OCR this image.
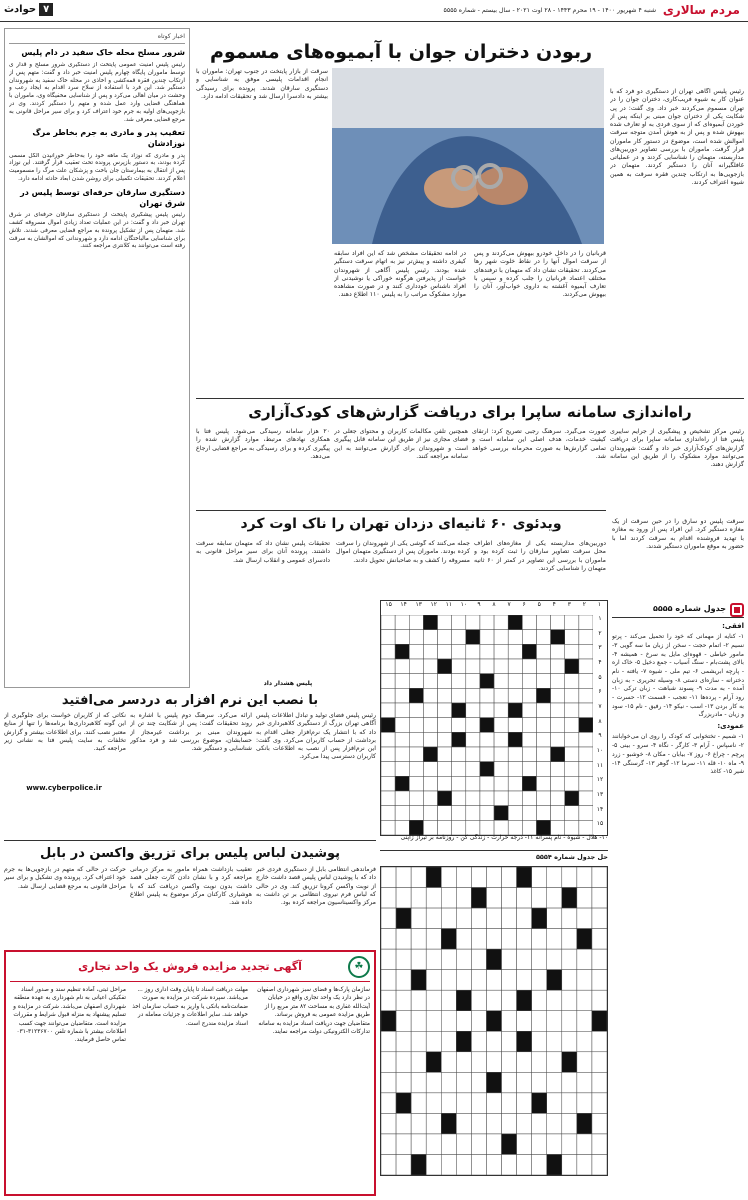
مردم سالاری
شنبه ۴ شهریور ۱۴۰۰ - ۱۹ محرم ۱۴۴۳ - ۲۸ اوت ۲۰۲۱ - سال بیستم - شماره ۵۵۵۵
۷
حوادث
اخبار کوتاه
شرور مسلح محله خاک سفید در دام پلیس
رئیس پلیس امنیت عمومی پایتخت از دستگیری شرور مسلح و قدار ی توسط ماموران پایگاه چهارم پلیس امنیت خبر داد و گفت: متهم پس از ارتکاب چندین فقره قمه‌کشی و اخاذی در محله خاک سفید به شهروندان دستگیر شد. این فرد با استفاده از سلاح سرد اقدام به ایجاد رعب و وحشت در میان اهالی می‌کرد و پس از شناسایی مخفیگاه وی، ماموران با هماهنگی قضایی وارد عمل شده و متهم را دستگیر کردند. وی در بازجویی‌های اولیه به جرم خود اعتراف کرد و برای سیر مراحل قانونی به مرجع قضایی معرفی شد.
تعقیب پدر و مادری به جرم بخاطر مرگ نوزادشان
پدر و مادری که نوزاد یک ماهه خود را به‌خاطر خورانیدن الکل مسمی کرده بودند، به دستور بازپرس پرونده تحت تعقیب قرار گرفتند. این نوزاد پس از انتقال به بیمارستان جان باخت و پزشکان علت مرگ را مسمومیت اعلام کردند. تحقیقات تکمیلی برای روشن شدن ابعاد حادثه ادامه دارد.
دستگیری سارقان حرفه‌ای توسط پلیس در شرق تهران
رئیس پلیس پیشگیری پایتخت از دستگیری سارقان حرفه‌ای در شرق تهران خبر داد و گفت: در این عملیات تعداد زیادی اموال مسروقه کشف شد. متهمان پس از تشکیل پرونده به مراجع قضایی معرفی شدند. تلاش برای شناسایی مالباختگان ادامه دارد و شهروندانی که اموالشان به سرقت رفته است می‌توانند به کلانتری مراجعه کنند.
ربودن دختران جوان با آبمیوه‌های مسموم
رئیس پلیس آگاهی تهران از دستگیری دو فرد که با عنوان کار به شیوه فریب‌کاری، دختران جوان را در تهران مسموم می‌کردند خبر داد. وی گفت: در پی شکایت یکی از دختران جوان مبنی بر اینکه پس از خوردن آبمیوه‌ای که از سوی فردی به او تعارف شده بیهوش شده و پس از به هوش آمدن متوجه سرقت اموالش شده است، موضوع در دستور کار ماموران قرار گرفت. ماموران با بررسی تصاویر دوربین‌های مداربسته، متهمان را شناسایی کردند و در عملیاتی غافلگیرانه آنان را دستگیر کردند. متهمان در بازجویی‌ها به ارتکاب چندین فقره سرقت به همین شیوه اعتراف کردند.
قربانیان را در داخل خودرو بیهوش می‌کردند و پس از سرقت اموال آنها را در نقاط خلوت شهر رها می‌کردند. تحقیقات نشان داد که متهمان با ترفندهای مختلف اعتماد قربانیان را جلب کرده و سپس با تعارف آبمیوه آغشته به داروی خواب‌آور، آنان را بیهوش می‌کردند.
در ادامه تحقیقات مشخص شد که این افراد سابقه کیفری داشته و پیش‌تر نیز به اتهام سرقت دستگیر شده بودند. رئیس پلیس آگاهی از شهروندان خواست از پذیرفتن هرگونه خوراکی یا نوشیدنی از افراد ناشناس خودداری کنند و در صورت مشاهده موارد مشکوک مراتب را به پلیس ۱۱۰ اطلاع دهند.
سرقت از بازار پایتخت در جنوب تهران: ماموران با انجام اقدامات پلیسی موفق به شناسایی و دستگیری سارقان شدند. پرونده برای رسیدگی بیشتر به دادسرا ارسال شد و تحقیقات ادامه دارد.
راه‌اندازی سامانه ساپرا برای دریافت گزارش‌های کودک‌آزاری
رئیس مرکز تشخیص و پیشگیری از جرایم سایبری پلیس فتا از راه‌اندازی سامانه ساپرا برای دریافت گزارش‌های کودک‌آزاری خبر داد و گفت: شهروندان می‌توانند موارد مشکوک را از طریق این سامانه گزارش دهند.
صورت می‌گیرد. سرهنگ رجبی تصریح کرد: ارتقای کیفیت خدمات، هدف اصلی این سامانه است و تمامی گزارش‌ها به صورت محرمانه بررسی خواهد شد.
همچنین تلفن مکالمات کاربران و محتوای جعلی در فضای مجازی نیز از طریق این سامانه قابل پیگیری است و شهروندان برای گزارش می‌توانند به این سامانه مراجعه کنند.
۲۰ هزار سامانه رسیدگی می‌شود. پلیس فتا با همکاری نهادهای مرتبط، موارد گزارش شده را پیگیری کرده و برای رسیدگی به مراجع قضایی ارجاع می‌دهد.
ویدئوی ۶۰ ثانیه‌ای دزدان تهران را ناک اوت کرد	سرقت پلیس دو سارق را در حین سرقت از یک مغازه دستگیر کرد. این افراد پس از ورود به مغازه با تهدید فروشنده اقدام به سرقت کردند اما با حضور به موقع ماموران دستگیر شدند.
دوربین‌های مداربسته یکی از مغازه‌های اطراف محل سرقت تصاویر سارقان را ثبت کرده بود و ماموران با بررسی این تصاویر در کمتر از ۶۰ ثانیه متهمان را شناسایی کردند.
جمله می‌کنند که گوشی یکی از شهروندان را سرقت کرده بودند. ماموران پس از دستگیری متهمان اموال مسروقه را کشف و به صاحبانش تحویل دادند.
تحقیقات پلیس نشان داد که متهمان سابقه سرقت داشتند. پرونده آنان برای سیر مراحل قانونی به دادسرای عمومی و انقلاب ارسال شد.
جدول شماره ۵۵۵۵
۱
۲
۳
۴
۵
۶
۷
۸
۹
۱۰
۱۱
۱۲
۱۳
۱۴
۱۵
۱
۲
۳
۴
۵
۶
۷
۸
۹
۱۰
۱۱
۱۲
۱۳
۱۴
۱۵
افقی:
۱- کنایه از مهمانی که خود را تحمیل می‌کند - پرتو نسیم ۲- اتمام حجت - سخن از زبان ما سه گویی ۳- مامور خیاطی - قهوه‌ای مایل به سرخ - همیشه ۴- بالای پشت‌بام - سنگ آسیاب - جمع دخیل ۵- خاک اره - پارچه ابریشمی ۶- تیم ملی - شیوه ۷- یافته - نام دخترانه - سازه‌ای دستی ۸- وسیله تحریری - به زبان آمده - به مدت ۹- پسوند شباهت - زبان ترکی ۱۰- رود آرام - پرده‌ها ۱۱- تعجب - قسمت ۱۲- حسرت - به کار بردن ۱۳- اسب - نیکو ۱۴- رفیق - نام ۱۵- سود و زیان - مادربزرگ
عمودی:
۱- شمیم - تختخوابی که کودک را روی آن می‌خوابانند ۲- ناسپاس - آرام ۳- کارگر - نگاه ۴- سرو - بینی ۵- پرچم - چراغ ۶- روز ۷- بیابان - مکان ۸- خوشبو - زرد ۹- ماه ۱۰- قله ۱۱- سرما ۱۲- گوهر ۱۳- گرسنگی ۱۴- شیر ۱۵- کاغذ
۱۰- هلال - شیوه - نام پسرانه ۱۱- درجه حرارت - زندگی کن - روزنامه بر تیراژ ژاپنی
حل جدول شماره ۵۵۵۴
پلیس هشدار داد
با نصب این نرم افزار به دردسر می‌افتید
رئیس پلیس فضای تولید و تبادل اطلاعات پلیس آگاهی تهران بزرگ از دستگیری کلاهبرداری خبر داد که با انتشار یک نرم‌افزار جعلی اقدام به برداشت از حساب کاربران می‌کرد. وی گفت: این نرم‌افزار پس از نصب به اطلاعات بانکی کاربران دسترسی پیدا می‌کرد.
ارائه می‌کرد. سرهنگ دوم پلیس با اشاره به روند تحقیقات گفت: پس از شکایت چند تن از شهروندان مبنی بر برداشت غیرمجاز از حسابشان، موضوع بررسی شد و فرد مذکور شناسایی و دستگیر شد.
نکاتی که از کاربران خواست برای جلوگیری از این گونه کلاهبرداری‌ها برنامه‌ها را تنها از منابع معتبر نصب کنند. برای اطلاعات بیشتر و گزارش تخلفات به سایت پلیس فتا به نشانی زیر مراجعه کنید.
www.cyberpolice.ir
پوشیدن لباس پلیس برای تزریق واکسن در بابل
فرماندهی انتظامی بابل از دستگیری فردی خبر داد که با پوشیدن لباس پلیس قصد داشت خارج از نوبت واکسن کرونا تزریق کند. وی در حالی که لباس فرم نیروی انتظامی بر تن داشت به مرکز واکسیناسیون مراجعه کرده بود.
تعقیب بازداشت همراه مامور به مرکز درمانی مراجعه کرد و با نشان دادن کارت جعلی قصد داشت بدون نوبت واکسن دریافت کند که با هوشیاری کارکنان مرکز موضوع به پلیس اطلاع داده شد.
حرکت در حالی که متهم در بازجویی‌ها به جرم خود اعتراف کرد. پرونده وی تشکیل و برای سیر مراحل قانونی به مرجع قضایی ارسال شد.
☘
آگهی تجدید مزایده فروش یک واحد تجاری
سازمان پارک‌ها و فضای سبز شهرداری اصفهان در نظر دارد یک واحد تجاری واقع در خیابان آیت‌الله غفاری به مساحت ۸۲ متر مربع را از طریق مزایده عمومی به فروش برساند. متقاضیان جهت دریافت اسناد مزایده به سامانه تدارکات الکترونیکی دولت مراجعه نمایند.
مهلت دریافت اسناد تا پایان وقت اداری روز ... می‌باشد. سپرده شرکت در مزایده به صورت ضمانت‌نامه بانکی یا واریز به حساب سازمان اخذ خواهد شد. سایر اطلاعات و جزئیات معامله در اسناد مزایده مندرج است.
مراحل ثبتی، آماده تنظیم سند و صدور اسناد تفکیکی اعیانی به نام شهرداری به عهده منطقه شهرداری اصفهان می‌باشد. شرکت در مزایده و تسلیم پیشنهاد به منزله قبول شرایط و مقررات مزایده است. متقاضیان می‌توانند جهت کسب اطلاعات بیشتر با شماره تلفن ۳۱۲۳۶۷۰۰-۰۳۱ تماس حاصل فرمایند.
